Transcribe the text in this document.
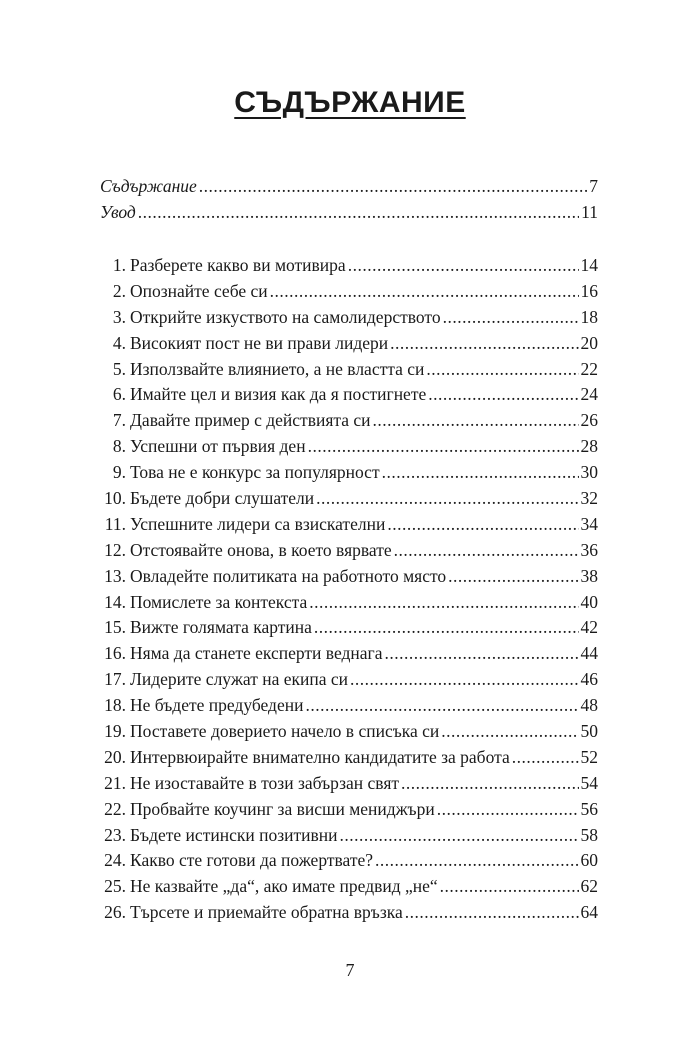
СЪДЪРЖАНИЕ
Съдържание .....	7
Увод .....	11
1. Разберете какво ви мотивира .....	14
2. Опознайте себе си .....	16
3. Открийте изкуството на самолидерството .....	18
4. Високият пост не ви прави лидери .....	20
5. Използвайте влиянието, а не властта си .....	22
6. Имайте цел и визия как да я постигнете .....	24
7. Давайте пример с действията си .....	26
8. Успешни от първия ден .....	28
9. Това не е конкурс за популярност .....	30
10. Бъдете добри слушатели .....	32
11. Успешните лидери са взискателни .....	34
12. Отстоявайте онова, в което вярвате .....	36
13. Овладейте политиката на работното място .....	38
14. Помислете за контекста .....	40
15. Вижте голямата картина .....	42
16. Няма да станете експерти веднага .....	44
17. Лидерите служат на екипа си .....	46
18. Не бъдете предубедени .....	48
19. Поставете доверието начело в списъка си .....	50
20. Интервюирайте внимателно кандидатите за работа .....	52
21. Не изоставайте в този забързан свят .....	54
22. Пробвайте коучинг за висши мениджъри .....	56
23. Бъдете истински позитивни .....	58
24. Какво сте готови да пожертвате? .....	60
25. Не казвайте „да“, ако имате предвид „не“ .....	62
26. Търсете и приемайте обратна връзка .....	64
7
